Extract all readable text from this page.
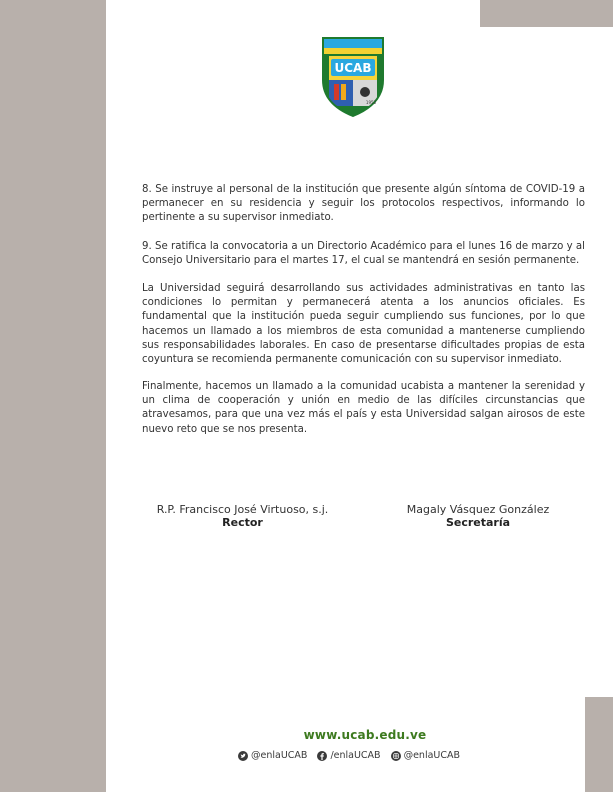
UCAB
1953

8. Se instruye al personal de la institución que presente algún síntoma de COVID-19 a permanecer en su residencia y seguir los protocolos respectivos, informando lo pertinente a su supervisor inmediato.

9. Se ratifica la convocatoria a un Directorio Académico para el lunes 16 de marzo y al Consejo Universitario para el martes 17, el cual se mantendrá en sesión permanente.

La Universidad seguirá desarrollando sus actividades administrativas en tanto las condiciones lo permitan y permanecerá atenta a los anuncios oficiales. Es fundamental que la institución pueda seguir cumpliendo sus funciones, por lo que hacemos un llamado a los miembros de esta comunidad a mantenerse cumpliendo sus responsabilidades laborales. En caso de presentarse dificultades propias de esta coyuntura se recomienda permanente comunicación con su supervisor inmediato.

Finalmente, hacemos un llamado a la comunidad ucabista a mantener la serenidad y un clima de cooperación y unión en medio de las difíciles circunstancias que atravesamos, para que una vez más el país y esta Universidad salgan airosos de este nuevo reto que se nos presenta.

R.P. Francisco José Virtuoso, s.j.
Rector
Magaly Vásquez González
Secretaría
www.ucab.edu.ve
@enlaUCAB /enlaUCAB @enlaUCAB
